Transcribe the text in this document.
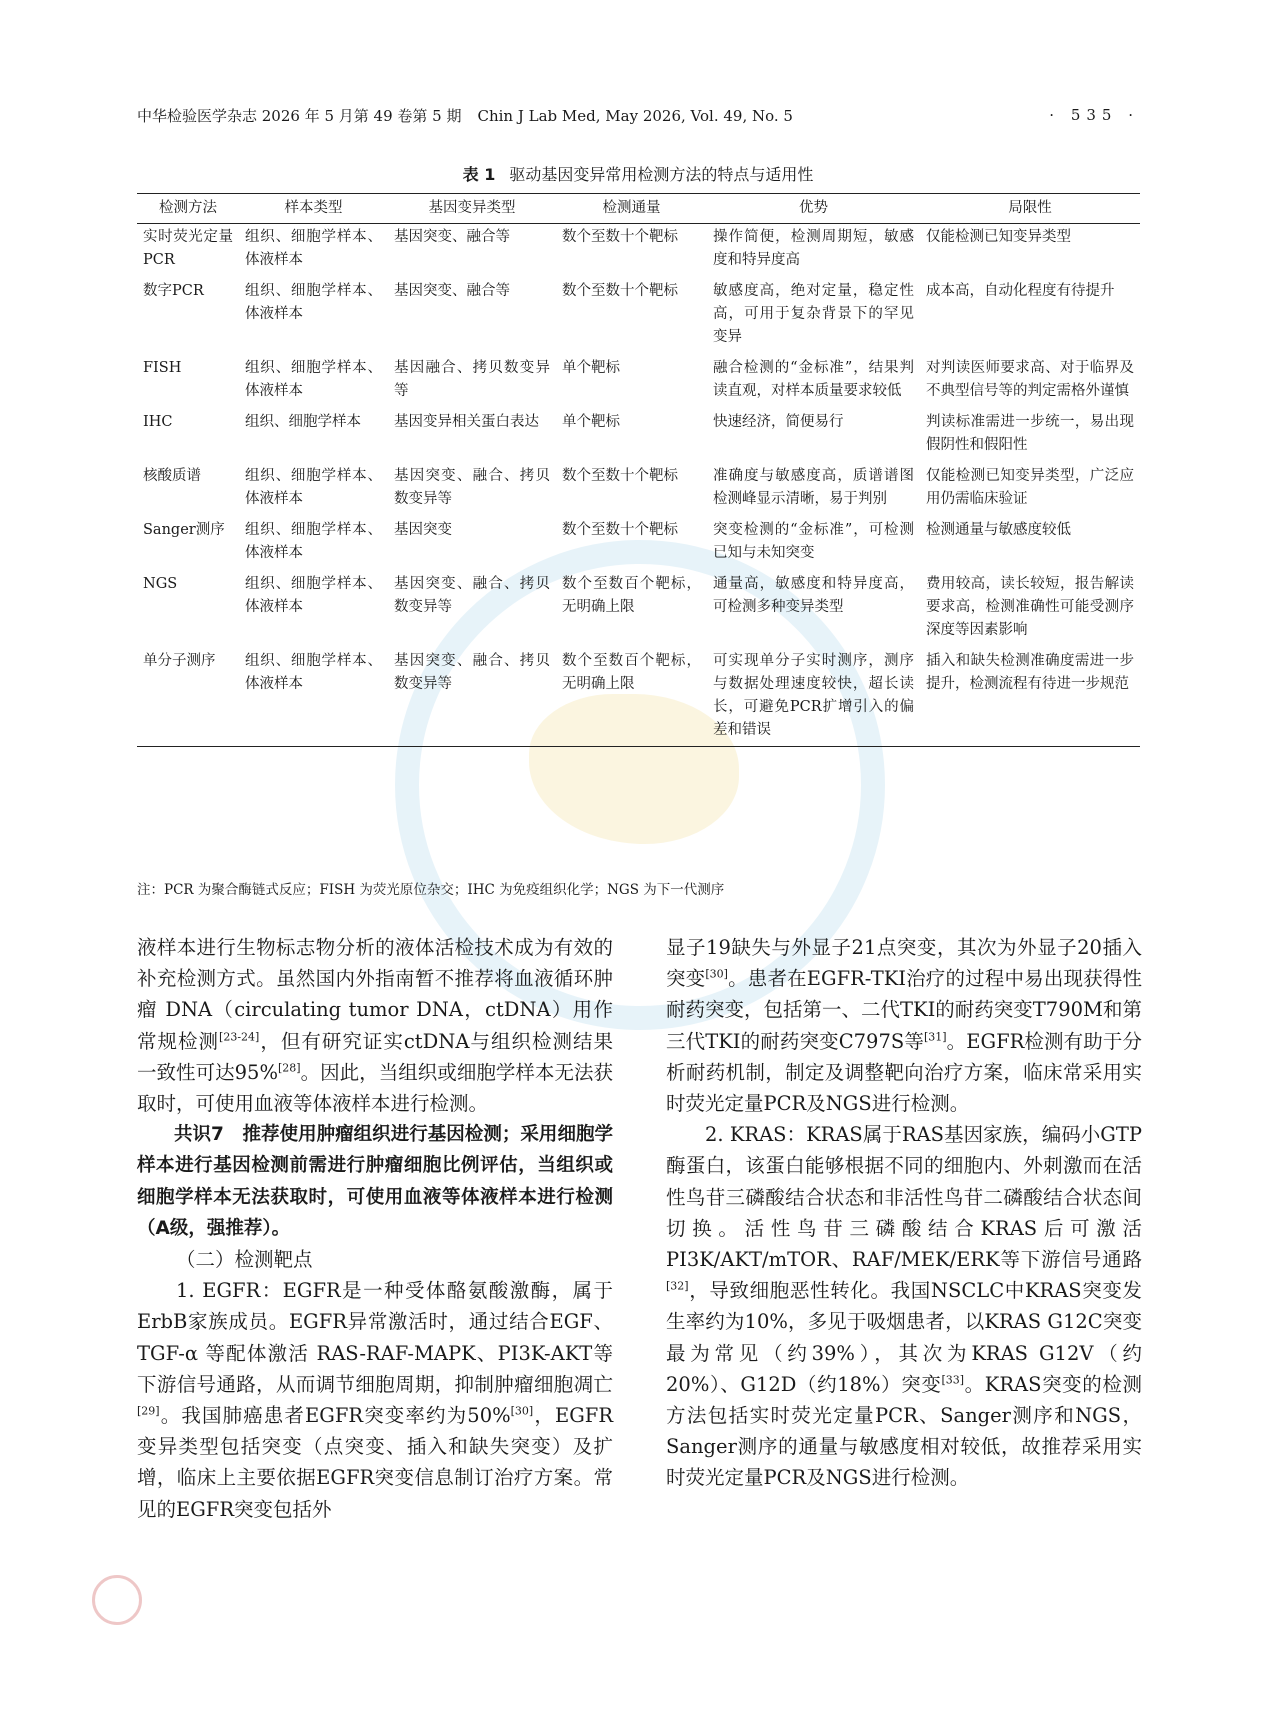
中华检验医学杂志 2026 年 5 月第 49 卷第 5 期 Chin J Lab Med, May 2026, Vol. 49, No. 5	· 535 ·
表 1 驱动基因变异常用检测方法的特点与适用性
检测方法	样本类型	基因变异类型	检测通量	优势	局限性
实时荧光定量PCR	组织、细胞学样本、体液样本	基因突变、融合等	数个至数十个靶标	操作简便，检测周期短，敏感度和特异度高	仅能检测已知变异类型
数字PCR	组织、细胞学样本、体液样本	基因突变、融合等	数个至数十个靶标	敏感度高，绝对定量，稳定性高，可用于复杂背景下的罕见变异	成本高，自动化程度有待提升
FISH	组织、细胞学样本、体液样本	基因融合、拷贝数变异等	单个靶标	融合检测的“金标准”，结果判读直观，对样本质量要求较低	对判读医师要求高、对于临界及不典型信号等的判定需格外谨慎
IHC	组织、细胞学样本	基因变异相关蛋白表达	单个靶标	快速经济，简便易行	判读标准需进一步统一，易出现假阴性和假阳性
核酸质谱	组织、细胞学样本、体液样本	基因突变、融合、拷贝数变异等	数个至数十个靶标	准确度与敏感度高，质谱谱图检测峰显示清晰，易于判别	仅能检测已知变异类型，广泛应用仍需临床验证
Sanger测序	组织、细胞学样本、体液样本	基因突变	数个至数十个靶标	突变检测的“金标准”，可检测已知与未知突变	检测通量与敏感度较低
NGS	组织、细胞学样本、体液样本	基因突变、融合、拷贝数变异等	数个至数百个靶标，无明确上限	通量高，敏感度和特异度高，可检测多种变异类型	费用较高，读长较短，报告解读要求高，检测准确性可能受测序深度等因素影响
单分子测序	组织、细胞学样本、体液样本	基因突变、融合、拷贝数变异等	数个至数百个靶标，无明确上限	可实现单分子实时测序，测序与数据处理速度较快，超长读长，可避免PCR扩增引入的偏差和错误	插入和缺失检测准确度需进一步提升，检测流程有待进一步规范
注：PCR 为聚合酶链式反应；FISH 为荧光原位杂交；IHC 为免疫组织化学；NGS 为下一代测序

液样本进行生物标志物分析的液体活检技术成为有效的补充检测方式。虽然国内外指南暂不推荐将血液循环肿瘤 DNA（circulating tumor DNA，ctDNA）用作常规检测[23-24]，但有研究证实ctDNA与组织检测结果一致性可达95%[28]。因此，当组织或细胞学样本无法获取时，可使用血液等体液样本进行检测。

共识7　推荐使用肿瘤组织进行基因检测；采用细胞学样本进行基因检测前需进行肿瘤细胞比例评估，当组织或细胞学样本无法获取时，可使用血液等体液样本进行检测（A级，强推荐）。

（二）检测靶点

1. EGFR：EGFR是一种受体酪氨酸激酶，属于ErbB家族成员。EGFR异常激活时，通过结合EGF、TGF-α 等配体激活 RAS-RAF-MAPK、PI3K-AKT等下游信号通路，从而调节细胞周期，抑制肿瘤细胞凋亡[29]。我国肺癌患者EGFR突变率约为50%[30]，EGFR变异类型包括突变（点突变、插入和缺失突变）及扩增，临床上主要依据EGFR突变信息制订治疗方案。常见的EGFR突变包括外

显子19缺失与外显子21点突变，其次为外显子20插入突变[30]。患者在EGFR-TKI治疗的过程中易出现获得性耐药突变，包括第一、二代TKI的耐药突变T790M和第三代TKI的耐药突变C797S等[31]。EGFR检测有助于分析耐药机制，制定及调整靶向治疗方案，临床常采用实时荧光定量PCR及NGS进行检测。

2. KRAS：KRAS属于RAS基因家族，编码小GTP酶蛋白，该蛋白能够根据不同的细胞内、外刺激而在活性鸟苷三磷酸结合状态和非活性鸟苷二磷酸结合状态间切换。活性鸟苷三磷酸结合KRAS后可激活 PI3K/AKT/mTOR、RAF/MEK/ERK等下游信号通路[32]，导致细胞恶性转化。我国NSCLC中KRAS突变发生率约为10%，多见于吸烟患者，以KRAS G12C突变最为常见（约39%），其次为KRAS G12V（约20%）、G12D（约18%）突变[33]。KRAS突变的检测方法包括实时荧光定量PCR、Sanger测序和NGS，Sanger测序的通量与敏感度相对较低，故推荐采用实时荧光定量PCR及NGS进行检测。
